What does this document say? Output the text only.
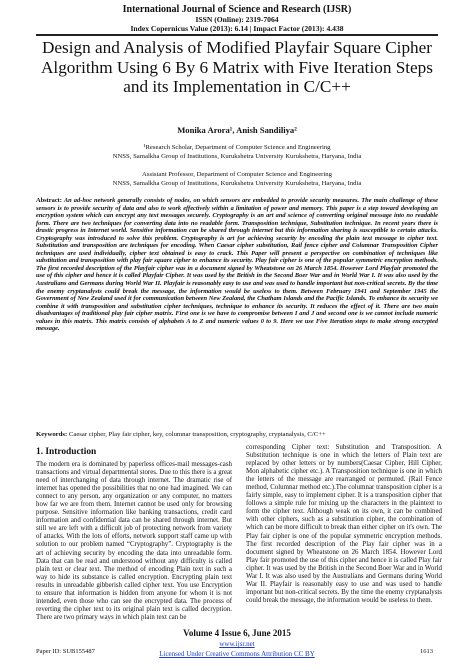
International Journal of Science and Research (IJSR)
ISSN (Online): 2319-7064
Index Copernicus Value (2013): 6.14 | Impact Factor (2013): 4.438
Design and Analysis of Modified Playfair Square Cipher Algorithm Using 6 By 6 Matrix with Five Iteration Steps and its Implementation in C/C++
Monika Arora¹, Anish Sandiliya²
¹Research Scholar, Department of Computer Science and Engineering
NNSS, Samalkha Group of Institutions, Kurukshetra University Kurukshetra, Haryana, India
Assistant Professor, Department of Computer Science and Engineering
NNSS, Samalkha Group of Institutions, Kurukshetra University Kurukshetra, Haryana, India

Abstract: An ad-hoc network generally consists of nodes, on which sensors are embedded to provide security measures. The main challenge of these sensors is to provide security of data and also to work effectively within a limitation of power and memory. This paper is a step toward developing an encryption system which can encrypt any text messages securely. Cryptography is an art and science of converting original message into no readable form. There are two techniques for converting data into no readable form. Transposition technique, Substitution technique. In recent years there is drastic progress in Internet world. Sensitive information can be shared through internet but this information sharing is susceptible to certain attacks. Cryptography was introduced to solve this problem. Cryptography is art for achieving security by encoding the plain text message to cipher text. Substitution and transposition are techniques for encoding. When Caesar cipher substitution, Rail fence cipher and Columnar Transposition Cipher techniques are used individually, cipher text obtained is easy to crack. This Paper will present a perspective on combination of techniques like substitution and transposition with play fair square cipher to enhance its security. Play fair cipher is one of the popular symmetric encryption methods. The first recorded description of the Playfair cipher was in a document signed by Wheatstone on 26 March 1854. However Lord Playfair promoted the use of this cipher and hence it is called Playfair Cipher. It was used by the British in the Second Boer War and in World War I. It was also used by the Australians and Germans during World War II. Playfair is reasonably easy to use and was used to handle important but non-critical secrets. By the time the enemy cryptanalysts could break the message, the information would be useless to them. Between February 1941 and September 1945 the Government of New Zealand used it for communication between New Zealand, the Chatham Islands and the Pacific Islands. To enhance its security we combine it with transposition and substitution cipher techniques, technique to enhance its security. It reduces the effect of it. There are two main disadvantages of traditional play fair cipher matrix. First one is we have to compromise between I and J and second one is we cannot include numeric values in this matrix. This matrix consists of alphabets A to Z and numeric values 0 to 9. Here we use Five Iteration steps to make strong encrypted message.

Keywords: Caesar cipher, Play fair cipher, key, columnar transposition, cryptography, cryptanalysis, C/C++

1. Introduction

The modern era is dominated by paperless offices-mail messages-cash transactions and virtual departmental stores. Due to this there is a great need of interchanging of data through internet. The dramatic rise of internet has opened the possibilities that no one had imagined. We can connect to any person, any organization or any computer, no matters how far we are from them. Internet cannot be used only for browsing purpose. Sensitive information like banking transactions, credit card information and confidential data can be shared through internet. But still we are left with a difficult job of protecting network from variety of attacks. With the lots of efforts, network support staff came up with solution to our problem named “Cryptography”. Cryptography is the art of achieving security by encoding the data into unreadable form. Data that can be read and understood without any difficulty is called plain text or clear text. The method of encoding Plain text in such a way to hide its substance is called encryption. Encrypting plain text results in unreadable gibberish called cipher text. You use Encryption to ensure that information is hidden from anyone for whom it is not intended, even those who can see the encrypted data. The process of reverting the cipher text to its original plain text is called decryption. There are two primary ways in which plain text can be

corresponding Cipher text: Substitution and Transposition. A Substitution technique is one in which the letters of Plain text are replaced by other letters or by numbers(Caesar Cipher, Hill Cipher, Mon alphabetic cipher etc.). A Transposition technique is one in which the letters of the message are rearranged or permuted. (Rail Fence method, Columnar method etc.).The columnar transposition cipher is a fairly simple, easy to implement cipher. It is a transposition cipher that follows a simple rule for mixing up the characters in the plaintext to form the cipher text. Although weak on its own, it can be combined with other ciphers, such as a substitution cipher, the combination of which can be more difficult to break than either cipher on it's own. The Play fair cipher is one of the popular symmetric encryption methods. The first recorded description of the Play fair cipher was in a document signed by Wheatstone on 26 March 1854. However Lord Play fair promoted the use of this cipher and hence it is called Play fair cipher. It was used by the British in the Second Boer War and in World War I. It was also used by the Australians and Germans during World War II. Playfair is reasonably easy to use and was used to handle important but non-critical secrets. By the time the enemy cryptanalysts could break the message, the information would be useless to them.

Volume 4 Issue 6, June 2015
www.ijsr.net
Licensed Under Creative Commons Attribution CC BY
Paper ID: SUB155487	1613
